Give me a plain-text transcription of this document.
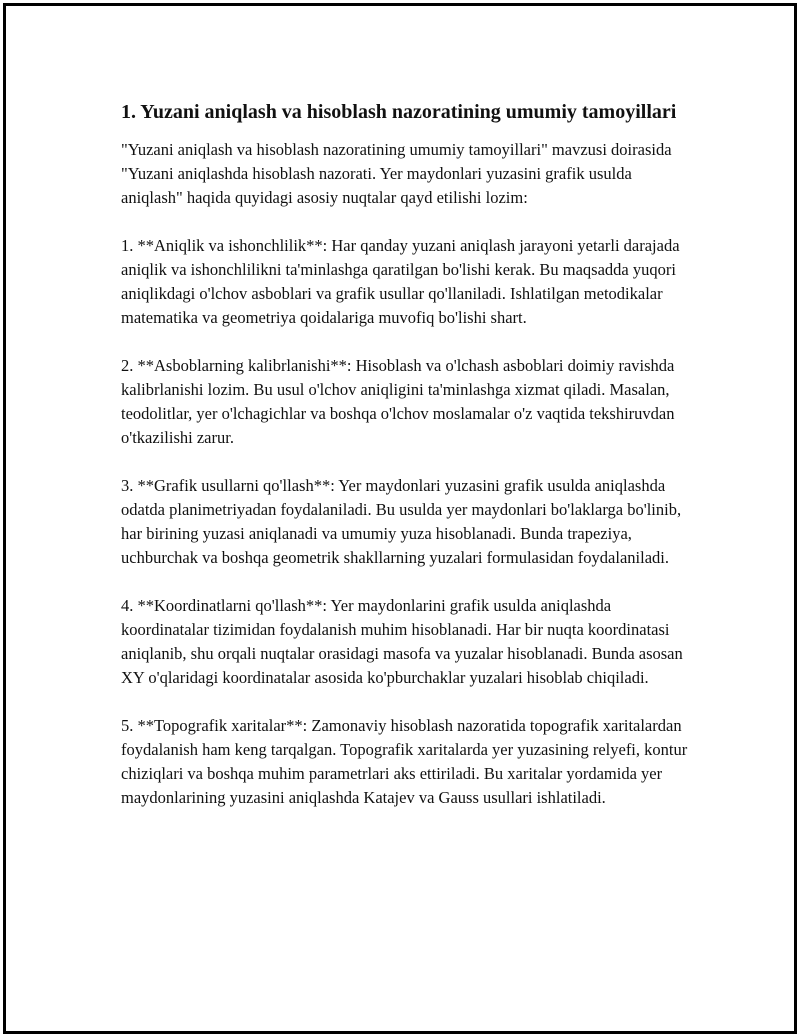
1. Yuzani aniqlash va hisoblash nazoratining umumiy tamoyillari

"Yuzani aniqlash va hisoblash nazoratining umumiy tamoyillari" mavzusi doirasida "Yuzani aniqlashda hisoblash nazorati. Yer maydonlari yuzasini grafik usulda aniqlash" haqida quyidagi asosiy nuqtalar qayd etilishi lozim:

1. **Aniqlik va ishonchlilik**: Har qanday yuzani aniqlash jarayoni yetarli darajada aniqlik va ishonchlilikni ta'minlashga qaratilgan bo'lishi kerak. Bu maqsadda yuqori aniqlikdagi o'lchov asboblari va grafik usullar qo'llaniladi. Ishlatilgan metodikalar matematika va geometriya qoidalariga muvofiq bo'lishi shart.

2. **Asboblarning kalibrlanishi**: Hisoblash va o'lchash asboblari doimiy ravishda kalibrlanishi lozim. Bu usul o'lchov aniqligini ta'minlashga xizmat qiladi. Masalan, teodolitlar, yer o'lchagichlar va boshqa o'lchov moslamalar o'z vaqtida tekshiruvdan o'tkazilishi zarur.

3. **Grafik usullarni qo'llash**: Yer maydonlari yuzasini grafik usulda aniqlashda odatda planimetriyadan foydalaniladi. Bu usulda yer maydonlari bo'laklarga bo'linib, har birining yuzasi aniqlanadi va umumiy yuza hisoblanadi. Bunda trapeziya, uchburchak va boshqa geometrik shakllarning yuzalari formulasidan foydalaniladi.

4. **Koordinatlarni qo'llash**: Yer maydonlarini grafik usulda aniqlashda koordinatalar tizimidan foydalanish muhim hisoblanadi. Har bir nuqta koordinatasi aniqlanib, shu orqali nuqtalar orasidagi masofa va yuzalar hisoblanadi. Bunda asosan XY o'qlaridagi koordinatalar asosida ko'pburchaklar yuzalari hisoblab chiqiladi.

5. **Topografik xaritalar**: Zamonaviy hisoblash nazoratida topografik xaritalardan foydalanish ham keng tarqalgan. Topografik xaritalarda yer yuzasining relyefi, kontur chiziqlari va boshqa muhim parametrlari aks ettiriladi. Bu xaritalar yordamida yer maydonlarining yuzasini aniqlashda Katajev va Gauss usullari ishlatiladi.
